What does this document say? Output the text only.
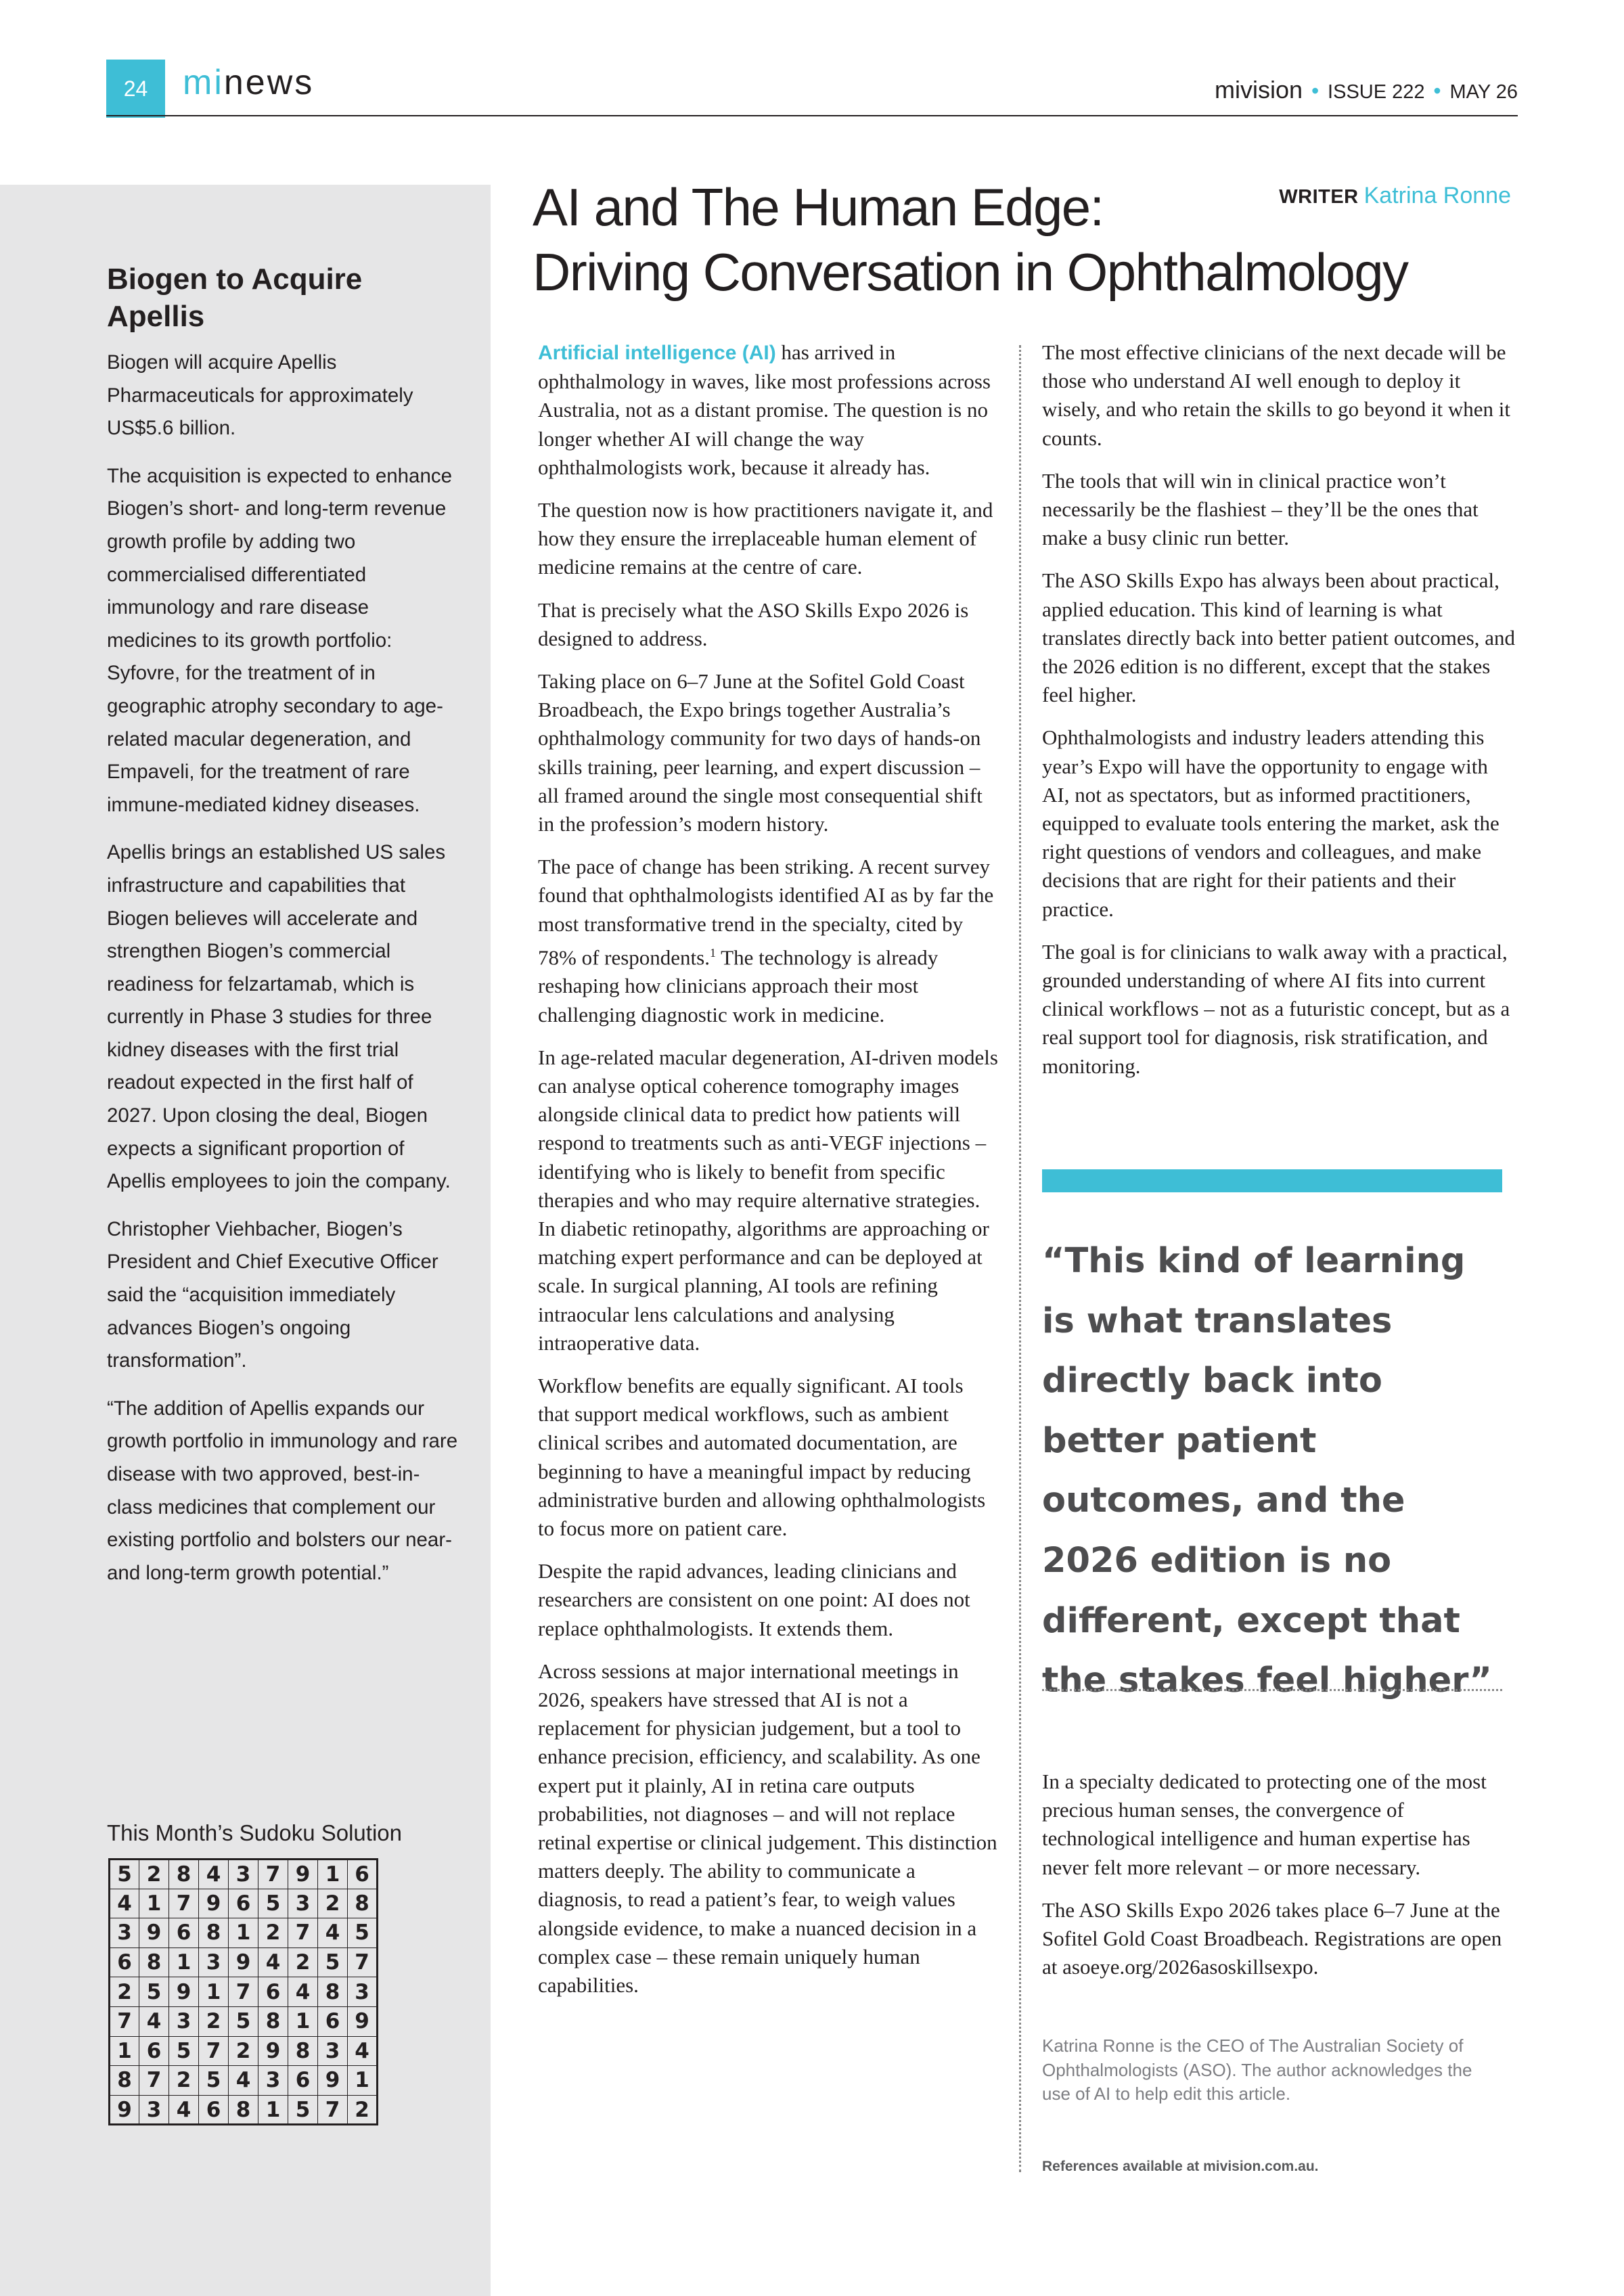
24 minews	mivision • ISSUE 222 • MAY 26
Biogen to Acquire Apellis

Biogen will acquire Apellis Pharmaceuticals for approximately US$5.6 billion.

The acquisition is expected to enhance Biogen’s short- and long-term revenue growth profile by adding two commercialised differentiated immunology and rare disease medicines to its growth portfolio: Syfovre, for the treatment of in geographic atrophy secondary to age-related macular degeneration, and Empaveli, for the treatment of rare immune-mediated kidney diseases.

Apellis brings an established US sales infrastructure and capabilities that Biogen believes will accelerate and strengthen Biogen’s commercial readiness for felzartamab, which is currently in Phase 3 studies for three kidney diseases with the first trial readout expected in the first half of 2027. Upon closing the deal, Biogen expects a significant proportion of Apellis employees to join the company.

Christopher Viehbacher, Biogen’s President and Chief Executive Officer said the “acquisition immediately advances Biogen’s ongoing transformation”.

“The addition of Apellis expands our growth portfolio in immunology and rare disease with two approved, best-in-class medicines that complement our existing portfolio and bolsters our near-and long-term growth potential.”

This Month’s Sudoku Solution
5	2	8	4	3	7	9	1	6
4	1	7	9	6	5	3	2	8
3	9	6	8	1	2	7	4	5
6	8	1	3	9	4	2	5	7
2	5	9	1	7	6	4	8	3
7	4	3	2	5	8	1	6	9
1	6	5	7	2	9	8	3	4
8	7	2	5	4	3	6	9	1
9	3	4	6	8	1	5	7	2
AI and The Human Edge:
Driving Conversation in Ophthalmology
WRITER Katrina Ronne

Artificial intelligence (AI) has arrived in ophthalmology in waves, like most professions across Australia, not as a distant promise. The question is no longer whether AI will change the way ophthalmologists work, because it already has.

The question now is how practitioners navigate it, and how they ensure the irreplaceable human element of medicine remains at the centre of care.

That is precisely what the ASO Skills Expo 2026 is designed to address.

Taking place on 6–7 June at the Sofitel Gold Coast Broadbeach, the Expo brings together Australia’s ophthalmology community for two days of hands-on skills training, peer learning, and expert discussion – all framed around the single most consequential shift in the profession’s modern history.

The pace of change has been striking. A recent survey found that ophthalmologists identified AI as by far the most transformative trend in the specialty, cited by 78% of respondents.$^1$ The technology is already reshaping how clinicians approach their most challenging diagnostic work in medicine.

In age-related macular degeneration, AI-driven models can analyse optical coherence tomography images alongside clinical data to predict how patients will respond to treatments such as anti-VEGF injections – identifying who is likely to benefit from specific therapies and who may require alternative strategies. In diabetic retinopathy, algorithms are approaching or matching expert performance and can be deployed at scale. In surgical planning, AI tools are refining intraocular lens calculations and analysing intraoperative data.

Workflow benefits are equally significant. AI tools that support medical workflows, such as ambient clinical scribes and automated documentation, are beginning to have a meaningful impact by reducing administrative burden and allowing ophthalmologists to focus more on patient care.

Despite the rapid advances, leading clinicians and researchers are consistent on one point: AI does not replace ophthalmologists. It extends them.

Across sessions at major international meetings in 2026, speakers have stressed that AI is not a replacement for physician judgement, but a tool to enhance precision, efficiency, and scalability. As one expert put it plainly, AI in retina care outputs probabilities, not diagnoses – and will not replace retinal expertise or clinical judgement. This distinction matters deeply. The ability to communicate a diagnosis, to read a patient’s fear, to weigh values alongside evidence, to make a nuanced decision in a complex case – these remain uniquely human capabilities.

The most effective clinicians of the next decade will be those who understand AI well enough to deploy it wisely, and who retain the skills to go beyond it when it counts.

The tools that will win in clinical practice won’t necessarily be the flashiest – they’ll be the ones that make a busy clinic run better.

The ASO Skills Expo has always been about practical, applied education. This kind of learning is what translates directly back into better patient outcomes, and the 2026 edition is no different, except that the stakes feel higher.

Ophthalmologists and industry leaders attending this year’s Expo will have the opportunity to engage with AI, not as spectators, but as informed practitioners, equipped to evaluate tools entering the market, ask the right questions of vendors and colleagues, and make decisions that are right for their patients and their practice.

The goal is for clinicians to walk away with a practical, grounded understanding of where AI fits into current clinical workflows – not as a futuristic concept, but as a real support tool for diagnosis, risk stratification, and monitoring.

“This kind of learning is what translates directly back into better patient outcomes, and the 2026 edition is no different, except that the stakes feel higher”

In a specialty dedicated to protecting one of the most precious human senses, the convergence of technological intelligence and human expertise has never felt more relevant – or more necessary.

The ASO Skills Expo 2026 takes place 6–7 June at the Sofitel Gold Coast Broadbeach. Registrations are open at asoeye.org/2026asoskillsexpo.

Katrina Ronne is the CEO of The Australian Society of Ophthalmologists (ASO). The author acknowledges the use of AI to help edit this article.
References available at mivision.com.au.
